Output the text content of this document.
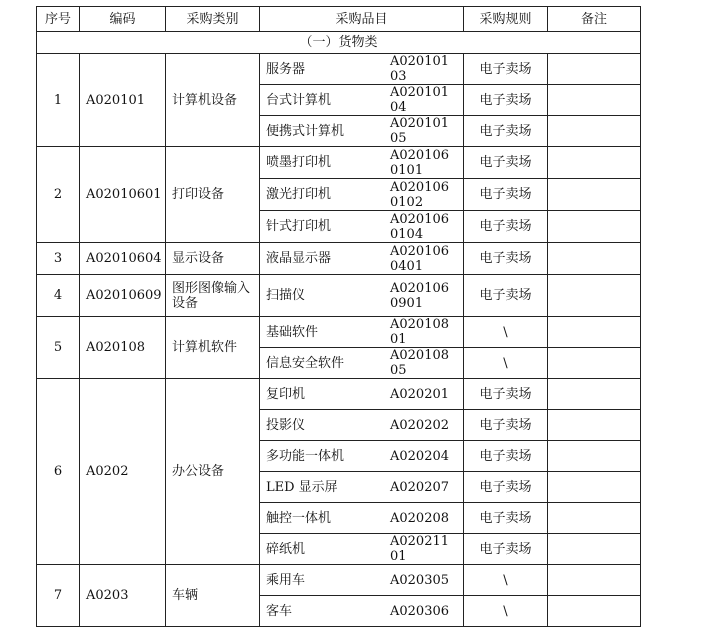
序号	编码	采购类别	采购品目	采购规则	备注
（一）货物类					
1	A020101	计算机设备	服务器 A02010103	电子卖场	
			台式计算机 A02010104	电子卖场	
			便携式计算机 A02010105	电子卖场	
2	A02010601	打印设备	喷墨打印机 A0201060101	电子卖场	
			激光打印机 A0201060102	电子卖场	
			针式打印机 A0201060104	电子卖场	
3	A02010604	显示设备	液晶显示器 A0201060401	电子卖场	
4	A02010609	图形图像输入设备	扫描仪 A0201060901	电子卖场	
5	A020108	计算机软件	基础软件 A02010801	\	
			信息安全软件 A02010805	\	
6	A0202	办公设备	复印机 A020201	电子卖场	
			投影仪 A020202	电子卖场	
			多功能一体机 A020204	电子卖场	
			LED 显示屏 A020207	电子卖场	
			触控一体机 A020208	电子卖场	
			碎纸机 A02021101	电子卖场	
7	A0203	车辆	乘用车 A020305	\	
			客车 A020306	\	
